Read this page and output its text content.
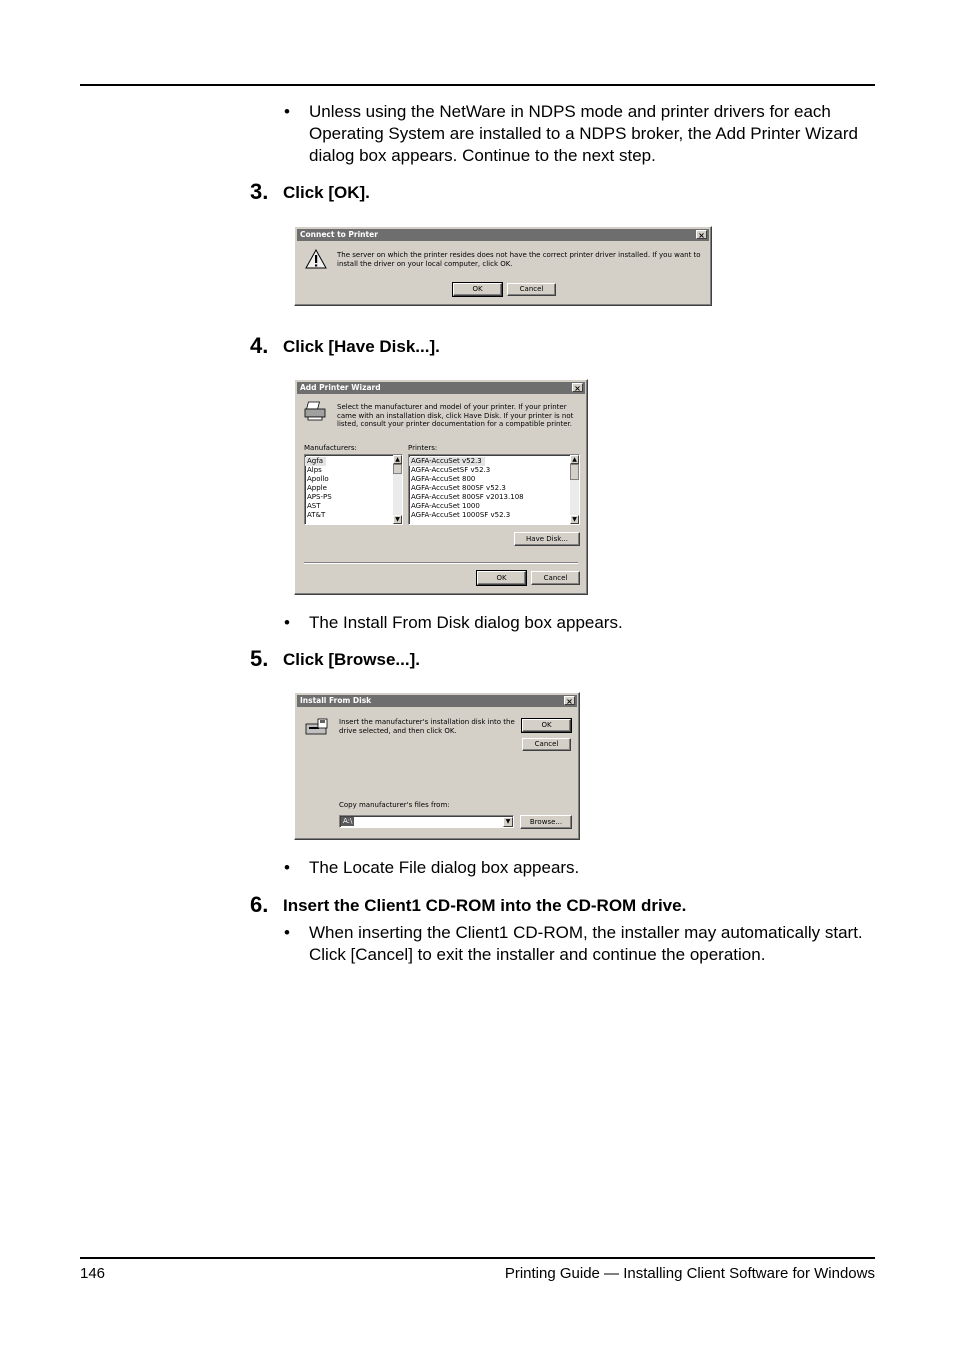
• Unless using the NetWare in NDPS mode and printer drivers for each Operating System are installed to a NDPS broker, the Add Printer Wizard dialog box appears. Continue to the next step.
3. Click [OK].
Connect to Printer	×
The server on which the printer resides does not have the correct printer driver installed. If you want to install the driver on your local computer, click OK.
OK	Cancel
4. Click [Have Disk...].
Add Printer Wizard	×
Select the manufacturer and model of your printer. If your printer came with an installation disk, click Have Disk. If your printer is not listed, consult your printer documentation for a compatible printer.
Manufacturers:	Printers:
Agfa
Alps
Apollo
Apple
APS-PS
AST
AT&T
▲
▼
AGFA-AccuSet v52.3
AGFA-AccuSetSF v52.3
AGFA-AccuSet 800
AGFA-AccuSet 800SF v52.3
AGFA-AccuSet 800SF v2013.108
AGFA-AccuSet 1000
AGFA-AccuSet 1000SF v52.3
▲
▼
Have Disk...
OK	Cancel
• The Install From Disk dialog box appears.
5. Click [Browse...].
Install From Disk	×
Insert the manufacturer's installation disk into the drive selected, and then click OK.
OK
Cancel
Copy manufacturer's files from:
A:\	▼	Browse...
• The Locate File dialog box appears.
6. Insert the Client1 CD-ROM into the CD-ROM drive.
• When inserting the Client1 CD-ROM, the installer may automatically start. Click [Cancel] to exit the installer and continue the operation.
146	Printing Guide — Installing Client Software for Windows
